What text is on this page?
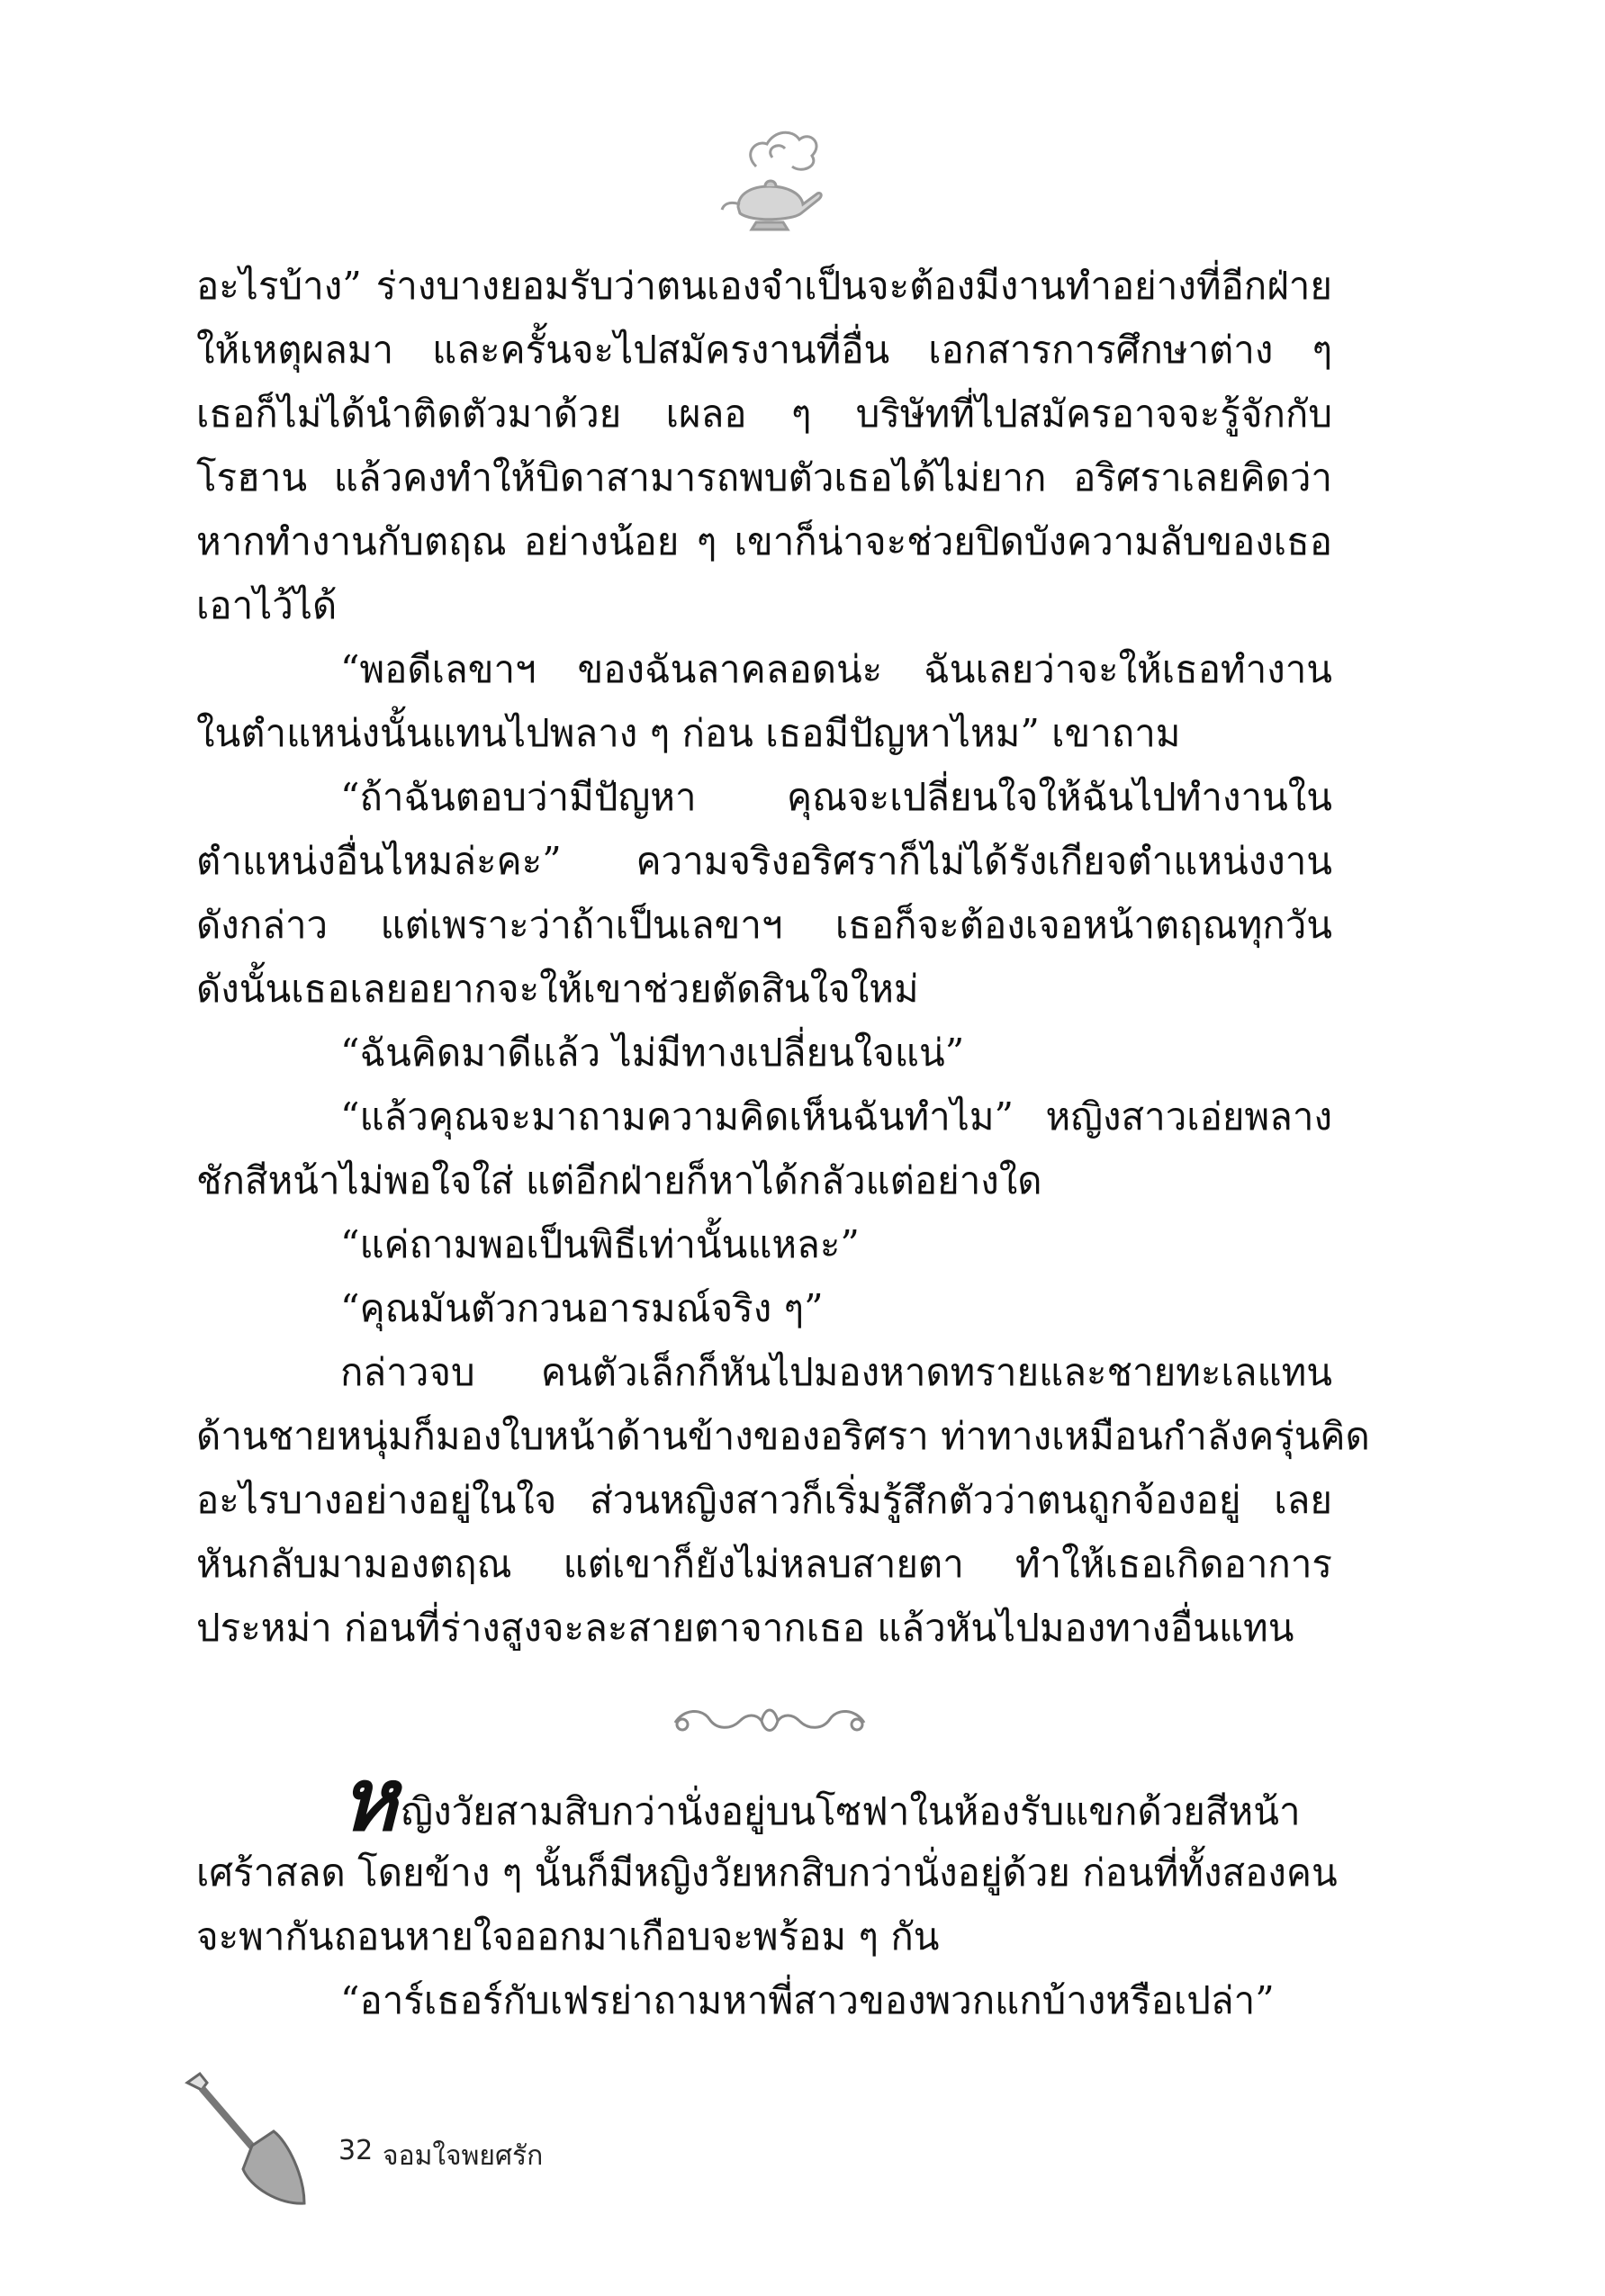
อะไรบ้าง” ร่างบางยอมรับว่าตนเองจำเป็นจะต้องมีงานทำอย่างที่อีกฝ่าย
ให้เหตุผลมา และครั้นจะไปสมัครงานที่อื่น เอกสารการศึกษาต่าง ๆ
เธอก็ไม่ได้นำติดตัวมาด้วย เผลอ ๆ บริษัทที่ไปสมัครอาจจะรู้จักกับ
โรฮาน แล้วคงทำให้บิดาสามารถพบตัวเธอได้ไม่ยาก อริศราเลยคิดว่า
หากทำงานกับตฤณ อย่างน้อย ๆ เขาก็น่าจะช่วยปิดบังความลับของเธอ
เอาไว้ได้
“พอดีเลขาฯ ของฉันลาคลอดน่ะ ฉันเลยว่าจะให้เธอทำงาน
ในตำแหน่งนั้นแทนไปพลาง ๆ ก่อน เธอมีปัญหาไหม” เขาถาม
“ถ้าฉันตอบว่ามีปัญหา คุณจะเปลี่ยนใจให้ฉันไปทำงานใน
ตำแหน่งอื่นไหมล่ะคะ” ความจริงอริศราก็ไม่ได้รังเกียจตำแหน่งงาน
ดังกล่าว แต่เพราะว่าถ้าเป็นเลขาฯ เธอก็จะต้องเจอหน้าตฤณทุกวัน
ดังนั้นเธอเลยอยากจะให้เขาช่วยตัดสินใจใหม่
“ฉันคิดมาดีแล้ว ไม่มีทางเปลี่ยนใจแน่”
“แล้วคุณจะมาถามความคิดเห็นฉันทำไม” หญิงสาวเอ่ยพลาง
ชักสีหน้าไม่พอใจใส่ แต่อีกฝ่ายก็หาได้กลัวแต่อย่างใด
“แค่ถามพอเป็นพิธีเท่านั้นแหละ”
“คุณมันตัวกวนอารมณ์จริง ๆ”
กล่าวจบ คนตัวเล็กก็หันไปมองหาดทรายและชายทะเลแทน
ด้านชายหนุ่มก็มองใบหน้าด้านข้างของอริศรา ท่าทางเหมือนกำลังครุ่นคิด
อะไรบางอย่างอยู่ในใจ ส่วนหญิงสาวก็เริ่มรู้สึกตัวว่าตนถูกจ้องอยู่ เลย
หันกลับมามองตฤณ แต่เขาก็ยังไม่หลบสายตา ทำให้เธอเกิดอาการ
ประหม่า ก่อนที่ร่างสูงจะละสายตาจากเธอ แล้วหันไปมองทางอื่นแทน
หญิงวัยสามสิบกว่านั่งอยู่บนโซฟาในห้องรับแขกด้วยสีหน้า
เศร้าสลด โดยข้าง ๆ นั้นก็มีหญิงวัยหกสิบกว่านั่งอยู่ด้วย ก่อนที่ทั้งสองคน
จะพากันถอนหายใจออกมาเกือบจะพร้อม ๆ กัน
“อาร์เธอร์กับเฟรย่าถามหาพี่สาวของพวกแกบ้างหรือเปล่า”
32 จอมใจพยศรัก
